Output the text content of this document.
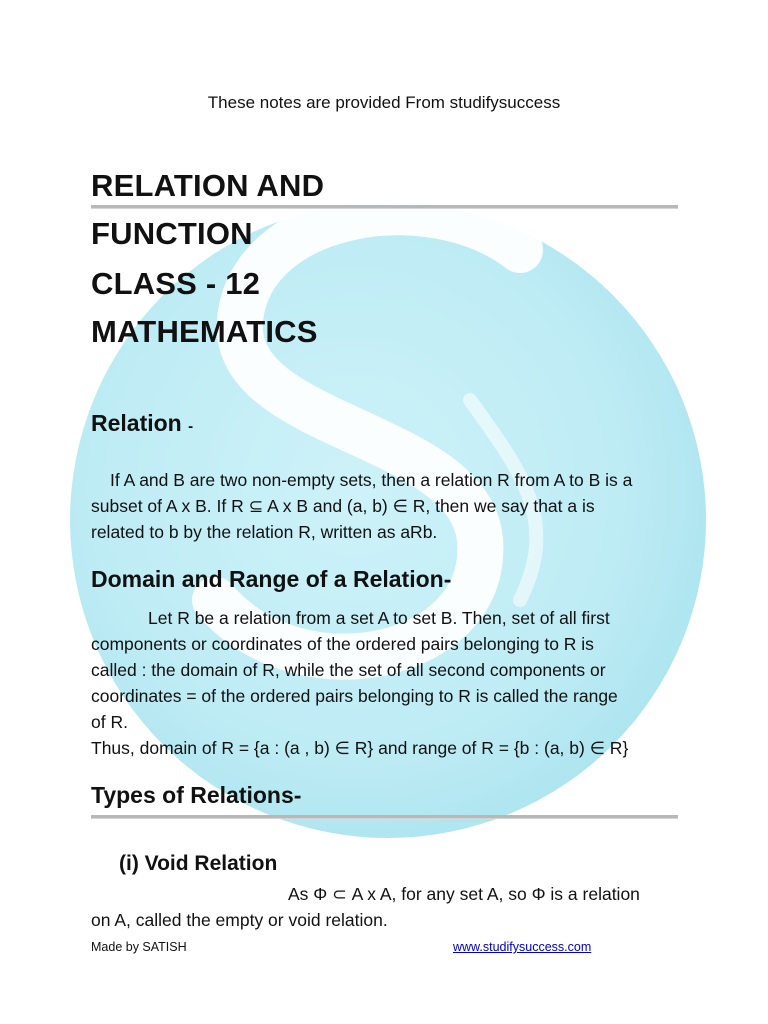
These notes are provided From studifysuccess
RELATION AND
FUNCTION
CLASS - 12
MATHEMATICS
Relation -
If A and B are two non-empty sets, then a relation R from A to B is a
subset of A x B. If R ⊆ A x B and (a, b) ∈ R, then we say that a is
related to b by the relation R, written as aRb.
Domain and Range of a Relation-
Let R be a relation from a set A to set B. Then, set of all first
components or coordinates of the ordered pairs belonging to R is
called : the domain of R, while the set of all second components or
coordinates = of the ordered pairs belonging to R is called the range
of R.
Thus, domain of R = {a : (a , b) ∈ R} and range of R = {b : (a, b) ∈ R}
Types of Relations-
(i) Void Relation
As Φ ⊂ A x A, for any set A, so Φ is a relation
on A, called the empty or void relation.
Made by SATISH	www.studifysuccess.com
